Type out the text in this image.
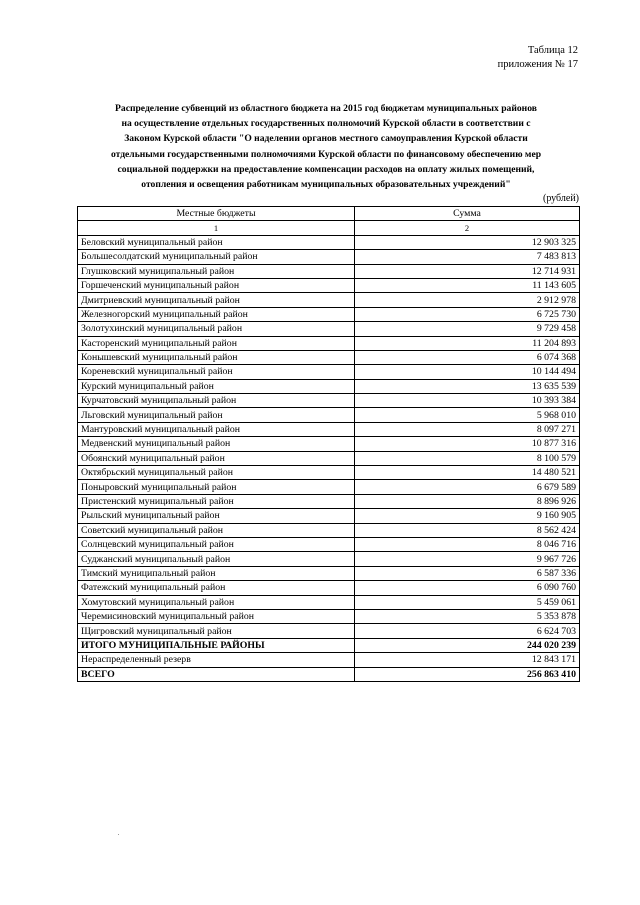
Таблица 12
приложения № 17
Распределение субвенций из областного бюджета на 2015 год бюджетам муниципальных районов
на осуществление отдельных государственных полномочий Курской области в соответствии с
Законом Курской области "О наделении органов местного самоуправления Курской области
отдельными государственными полномочиями Курской области по финансовому обеспечению мер
социальной поддержки на предоставление компенсации расходов на оплату жилых помещений,
отопления и освещения работникам муниципальных образовательных учреждений"
(рублей)
Местные бюджеты	Сумма
1	2
Беловский муниципальный район	12 903 325
Большесолдатский муниципальный район	7 483 813
Глушковский муниципальный район	12 714 931
Горшеченский муниципальный район	11 143 605
Дмитриевский муниципальный район	2 912 978
Железногорский муниципальный район	6 725 730
Золотухинский муниципальный район	9 729 458
Касторенский муниципальный район	11 204 893
Конышевский муниципальный район	6 074 368
Кореневский муниципальный район	10 144 494
Курский муниципальный район	13 635 539
Курчатовский муниципальный район	10 393 384
Льговский муниципальный район	5 968 010
Мантуровский муниципальный район	8 097 271
Медвенский муниципальный район	10 877 316
Обоянский муниципальный район	8 100 579
Октябрьский муниципальный район	14 480 521
Поныровский муниципальный район	6 679 589
Пристенский муниципальный район	8 896 926
Рыльский муниципальный район	9 160 905
Советский муниципальный район	8 562 424
Солнцевский муниципальный район	8 046 716
Суджанский муниципальный район	9 967 726
Тимский муниципальный район	6 587 336
Фатежский муниципальный район	6 090 760
Хомутовский муниципальный район	5 459 061
Черемисиновский муниципальный район	5 353 878
Щигровский муниципальный район	6 624 703
ИТОГО МУНИЦИПАЛЬНЫЕ РАЙОНЫ	244 020 239
Нераспределенный резерв	12 843 171
ВСЕГО	256 863 410
